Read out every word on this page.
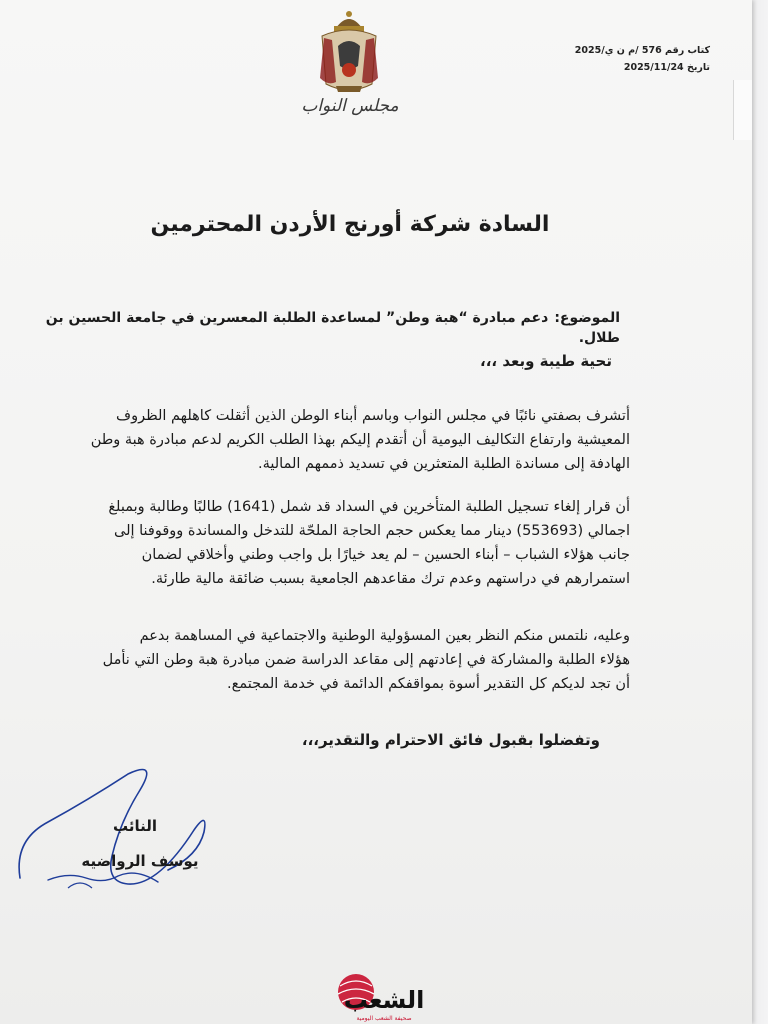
مجلس النواب
كتاب رقم 576 /م ن ي/2025
تاريخ 2025/11/24
السادة شركة أورنج الأردن المحترمين
الموضوع:دعم مبادرة “هبة وطن” لمساعدة الطلبة المعسرين في جامعة الحسين بن طلال.
تحية طيبة وبعد ،،،
أتشرف بصفتي نائبًا في مجلس النواب وباسم أبناء الوطن الذين أثقلت كاهلهم الظروف
المعيشية وارتفاع التكاليف اليومية أن أتقدم إليكم بهذا الطلب الكريم لدعم مبادرة هبة وطن
الهادفة إلى مساندة الطلبة المتعثرين في تسديد ذممهم المالية.
أن قرار إلغاء تسجيل الطلبة المتأخرين في السداد قد شمل (1641) طالبًا وطالبة وبمبلغ
اجمالي (553693) دينار مما يعكس حجم الحاجة الملحّة للتدخل والمساندة ووقوفنا إلى
جانب هؤلاء الشباب – أبناء الحسين – لم يعد خيارًا بل واجب وطني وأخلاقي لضمان
استمرارهم في دراستهم وعدم ترك مقاعدهم الجامعية بسبب ضائقة مالية طارئة.
وعليه، نلتمس منكم النظر بعين المسؤولية الوطنية والاجتماعية في المساهمة بدعم
هؤلاء الطلبة والمشاركة في إعادتهم إلى مقاعد الدراسة ضمن مبادرة هبة وطن التي نأمل
أن تجد لديكم كل التقدير أسوة بمواقفكم الدائمة في خدمة المجتمع.
وتفضلوا بقبول فائق الاحترام والتقدير،،،
النائب
يوسف الرواضيه
الشعب
صحيفة الشعب اليومية
